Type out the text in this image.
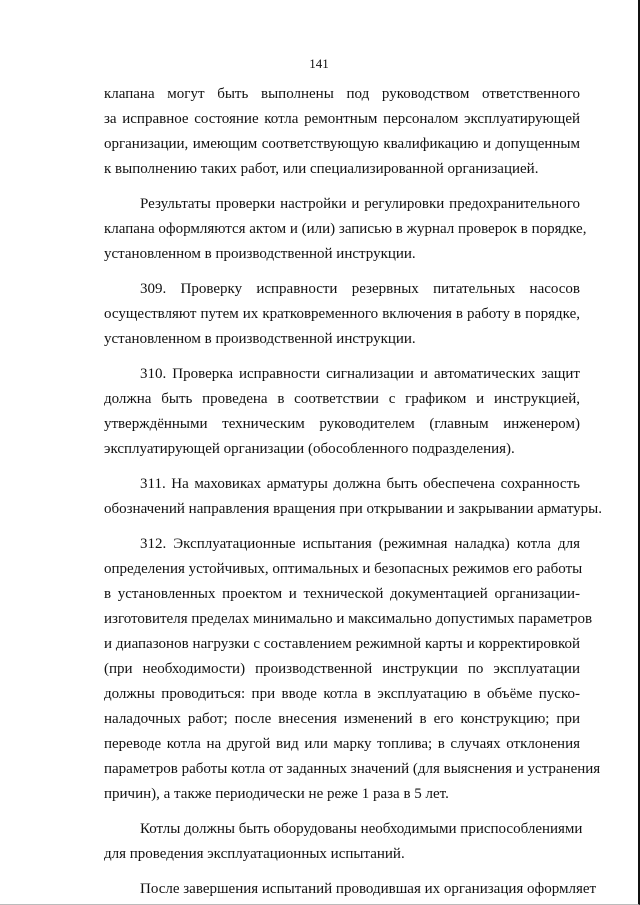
141
клапана могут быть выполнены под руководством ответственного
за исправное состояние котла ремонтным персоналом эксплуатирующей
организации, имеющим соответствующую квалификацию и допущенным
к выполнению таких работ, или специализированной организацией.
Результаты проверки настройки и регулировки предохранительного
клапана оформляются актом и (или) записью в журнал проверок в порядке,
установленном в производственной инструкции.
309. Проверку исправности резервных питательных насосов
осуществляют путем их кратковременного включения в работу в порядке,
установленном в производственной инструкции.
310. Проверка исправности сигнализации и автоматических защит
должна быть проведена в соответствии с графиком и инструкцией,
утверждёнными техническим руководителем (главным инженером)
эксплуатирующей организации (обособленного подразделения).
311. На маховиках арматуры должна быть обеспечена сохранность
обозначений направления вращения при открывании и закрывании арматуры.
312. Эксплуатационные испытания (режимная наладка) котла для
определения устойчивых, оптимальных и безопасных режимов его работы
в установленных проектом и технической документацией организации-
изготовителя пределах минимально и максимально допустимых параметров
и диапазонов нагрузки с составлением режимной карты и корректировкой
(при необходимости) производственной инструкции по эксплуатации
должны проводиться: при вводе котла в эксплуатацию в объёме пуско-
наладочных работ; после внесения изменений в его конструкцию; при
переводе котла на другой вид или марку топлива; в случаях отклонения
параметров работы котла от заданных значений (для выяснения и устранения
причин), а также периодически не реже 1 раза в 5 лет.
Котлы должны быть оборудованы необходимыми приспособлениями
для проведения эксплуатационных испытаний.
После завершения испытаний проводившая их организация оформляет
